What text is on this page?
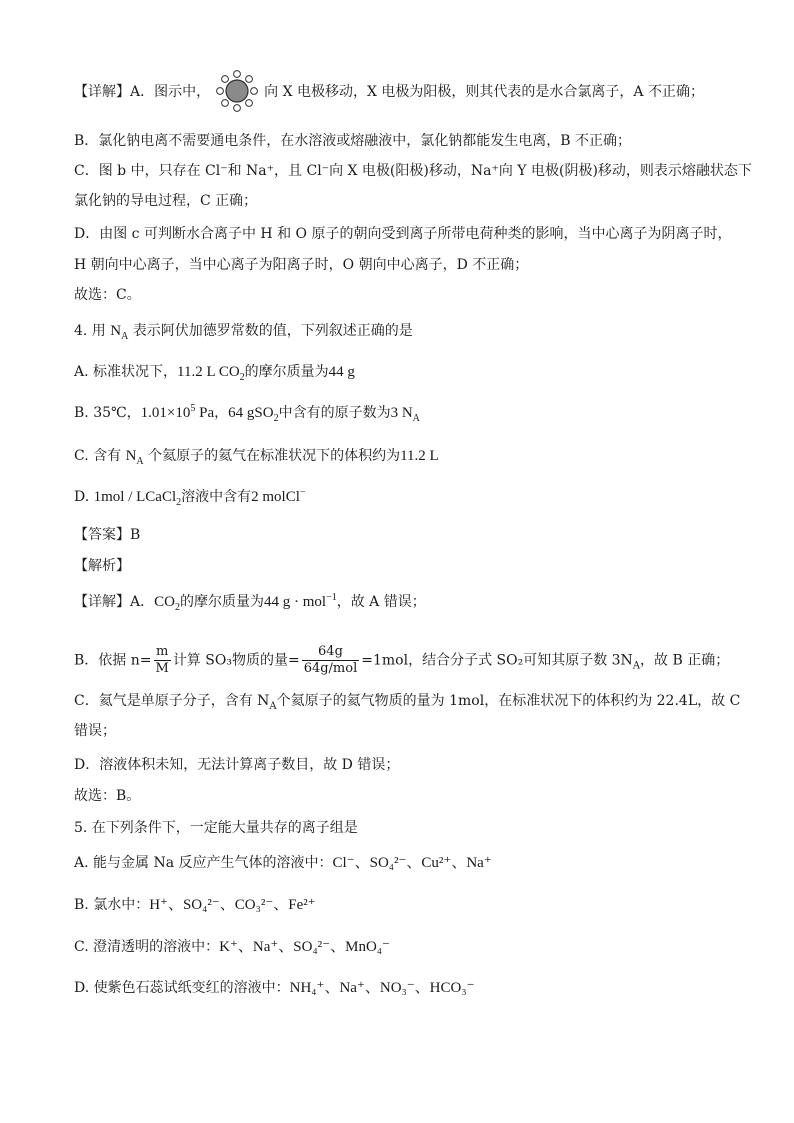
【详解】A．图示中，	向 X 电极移动，X 电极为阳极，则其代表的是水合氯离子，A 不正确；
B．氯化钠电离不需要通电条件，在水溶液或熔融液中，氯化钠都能发生电离，B 不正确；
C．图 b 中，只存在 Cl⁻和 Na⁺，且 Cl⁻向 X 电极(阳极)移动，Na⁺向 Y 电极(阴极)移动，则表示熔融状态下
氯化钠的导电过程，C 正确；
D．由图 c 可判断水合离子中 H 和 O 原子的朝向受到离子所带电荷种类的影响，当中心离子为阴离子时，
H 朝向中心离子，当中心离子为阳离子时，O 朝向中心离子，D 不正确；
故选：C。
4. 用 $N_A$ 表示阿伏加德罗常数的值，下列叙述正确的是
A. 标准状况下，11.2 L $CO_2$的摩尔质量为44 g
B. 35℃，$1.01\times 10^5$ Pa，64 gSO$_2$中含有的原子数为3 $N_A$
C. 含有 $N_A$ 个氦原子的氦气在标准状况下的体积约为11.2 L
D. 1mol / LCaCl$_2$溶液中含有2 molCl−
【答案】B
【解析】
【详解】A．$CO_2$的摩尔质量为44 g · mol$^{-1}$，故 A 错误；
B．依据 $n= \frac{m}{M}$ 计算 SO₃物质的量= $\frac{64g}{\text{64g/mol}} =1mol$，结合分子式 SO₂可知其原子数 $3N_A$，故 B 正确；
C．氦气是单原子分子，含有 $N_A$个氦原子的氦气物质的量为 1mol，在标准状况下的体积约为 22.4L，故 C
错误；
D．溶液体积未知，无法计算离子数目，故 D 错误；
故选：B。
5. 在下列条件下，一定能大量共存的离子组是
A. 能与金属 Na 反应产生气体的溶液中：Cl⁻、SO₄²⁻、Cu²⁺、Na⁺
B. 氯水中：H⁺、SO₄²⁻、CO₃²⁻、Fe²⁺
C. 澄清透明的溶液中：K⁺、Na⁺、SO₄²⁻、MnO₄⁻
D. 使紫色石蕊试纸变红的溶液中：NH₄⁺、Na⁺、NO₃⁻、HCO₃⁻
